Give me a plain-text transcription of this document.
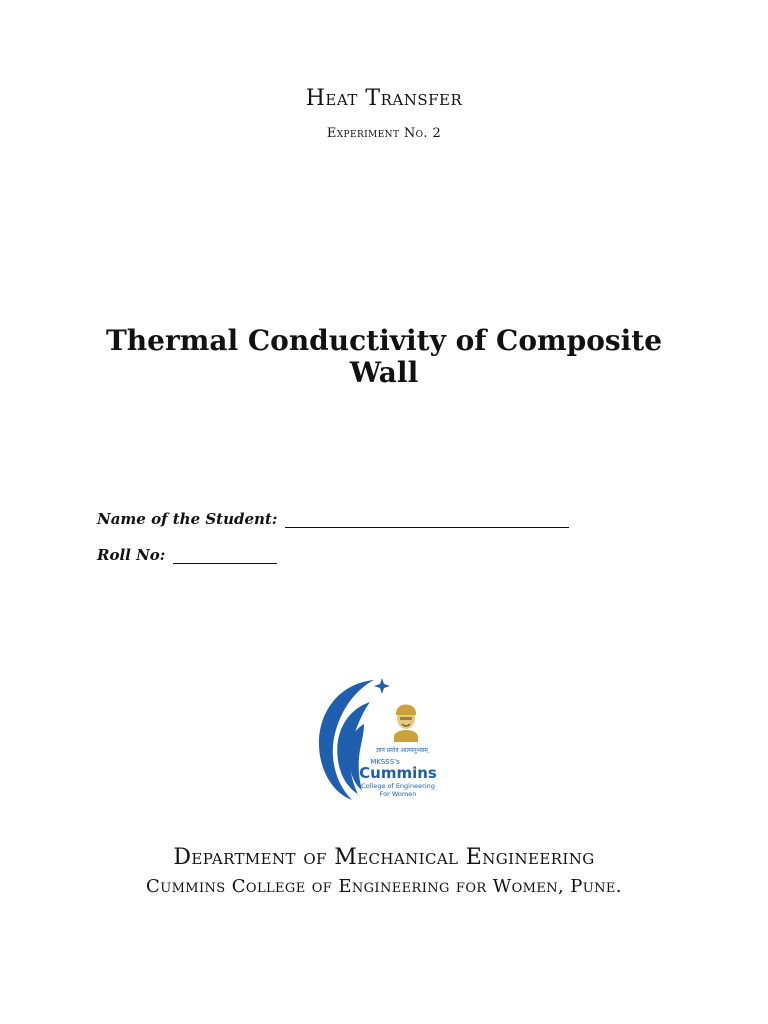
Heat Transfer
Experiment No. 2
Thermal Conductivity of Composite
Wall
Name of the Student:
Roll No:
ज्ञानं प्रमोदं आत्मानुभवम्
MKSSS's
Cummins
College of Engineering
For Women
Department of Mechanical Engineering
Cummins College of Engineering for Women, Pune.
